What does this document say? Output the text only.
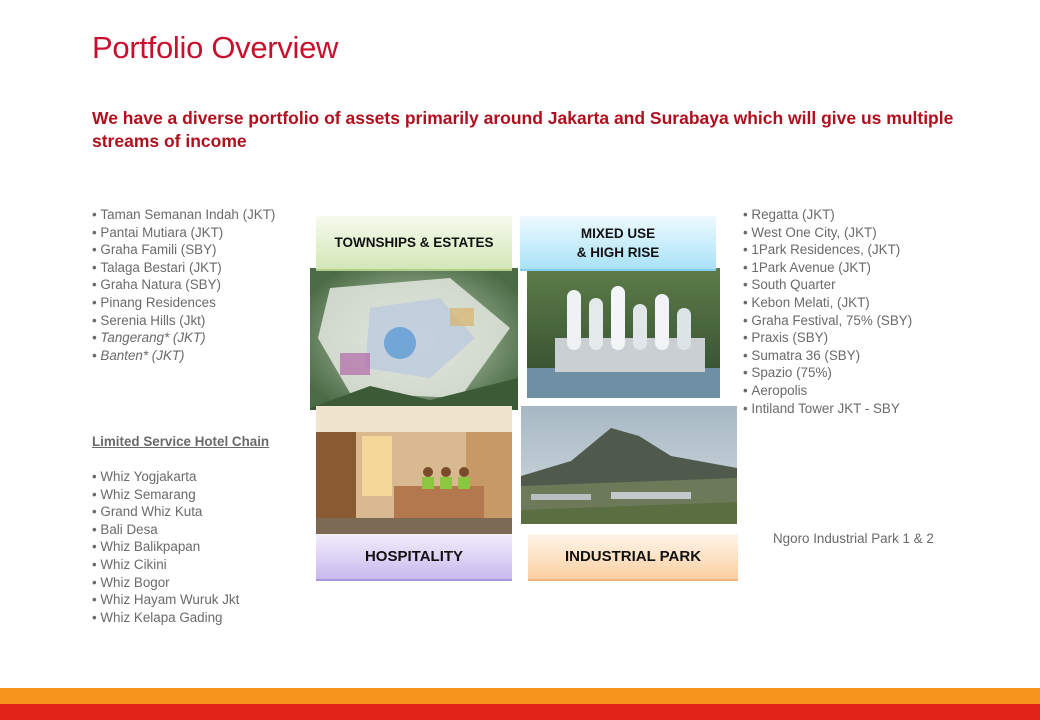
Portfolio Overview

We have a diverse portfolio of assets primarily around Jakarta and Surabaya which will give us multiple streams of income

• Taman Semanan Indah (JKT)
• Pantai Mutiara (JKT)
• Graha Famili (SBY)
• Talaga Bestari (JKT)
• Graha Natura (SBY)
• Pinang Residences
• Serenia Hills (Jkt)
• Tangerang* (JKT)
• Banten* (JKT)

Limited Service Hotel Chain

• Whiz Yogjakarta
• Whiz Semarang
• Grand Whiz Kuta
• Bali Desa
• Whiz Balikpapan
• Whiz Cikini
• Whiz Bogor
• Whiz Hayam Wuruk Jkt
• Whiz Kelapa Gading
• Regatta (JKT)
• West One City, (JKT)
• 1Park Residences, (JKT)
• 1Park Avenue (JKT)
• South Quarter
• Kebon Melati, (JKT)
• Graha Festival, 75% (SBY)
• Praxis (SBY)
• Sumatra 36 (SBY)
• Spazio (75%)
• Aeropolis
• Intiland Tower JKT - SBY
Ngoro Industrial Park 1 & 2
TOWNSHIPS & ESTATES
MIXED USE
& HIGH RISE
HOSPITALITY	INDUSTRIAL PARK
